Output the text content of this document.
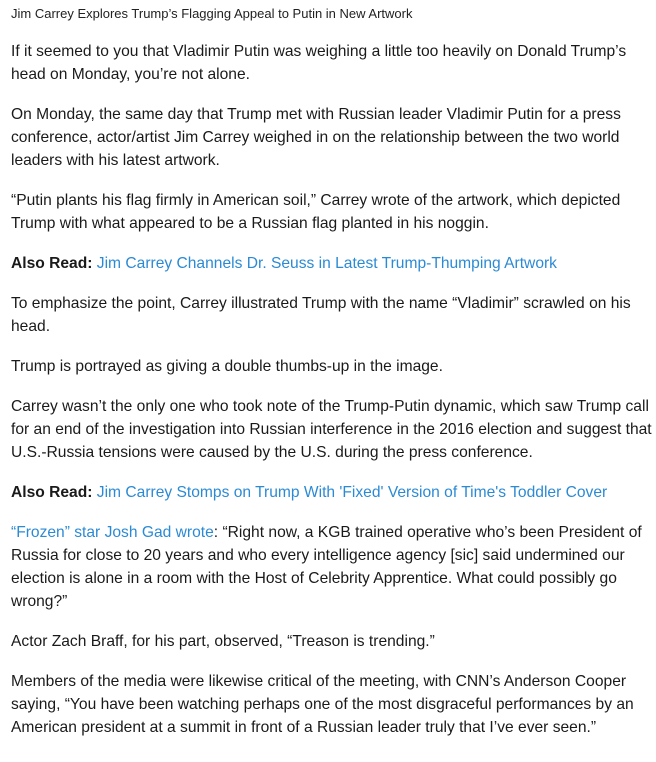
Jim Carrey Explores Trump’s Flagging Appeal to Putin in New Artwork

If it seemed to you that Vladimir Putin was weighing a little too heavily on Donald Trump’s head on Monday, you’re not alone.

On Monday, the same day that Trump met with Russian leader Vladimir Putin for a press conference, actor/artist Jim Carrey weighed in on the relationship between the two world leaders with his latest artwork.

“Putin plants his flag firmly in American soil,” Carrey wrote of the artwork, which depicted Trump with what appeared to be a Russian flag planted in his noggin.

Also Read: Jim Carrey Channels Dr. Seuss in Latest Trump-Thumping Artwork

To emphasize the point, Carrey illustrated Trump with the name “Vladimir” scrawled on his head.

Trump is portrayed as giving a double thumbs-up in the image.

Carrey wasn’t the only one who took note of the Trump-Putin dynamic, which saw Trump call for an end of the investigation into Russian interference in the 2016 election and suggest that U.S.-Russia tensions were caused by the U.S. during the press conference.

Also Read: Jim Carrey Stomps on Trump With 'Fixed' Version of Time's Toddler Cover

“Frozen” star Josh Gad wrote: “Right now, a KGB trained operative who’s been President of Russia for close to 20 years and who every intelligence agency [sic] said undermined our election is alone in a room with the Host of Celebrity Apprentice. What could possibly go wrong?”

Actor Zach Braff, for his part, observed, “Treason is trending.”

Members of the media were likewise critical of the meeting, with CNN’s Anderson Cooper saying, “You have been watching perhaps one of the most disgraceful performances by an American president at a summit in front of a Russian leader truly that I’ve ever seen.”
